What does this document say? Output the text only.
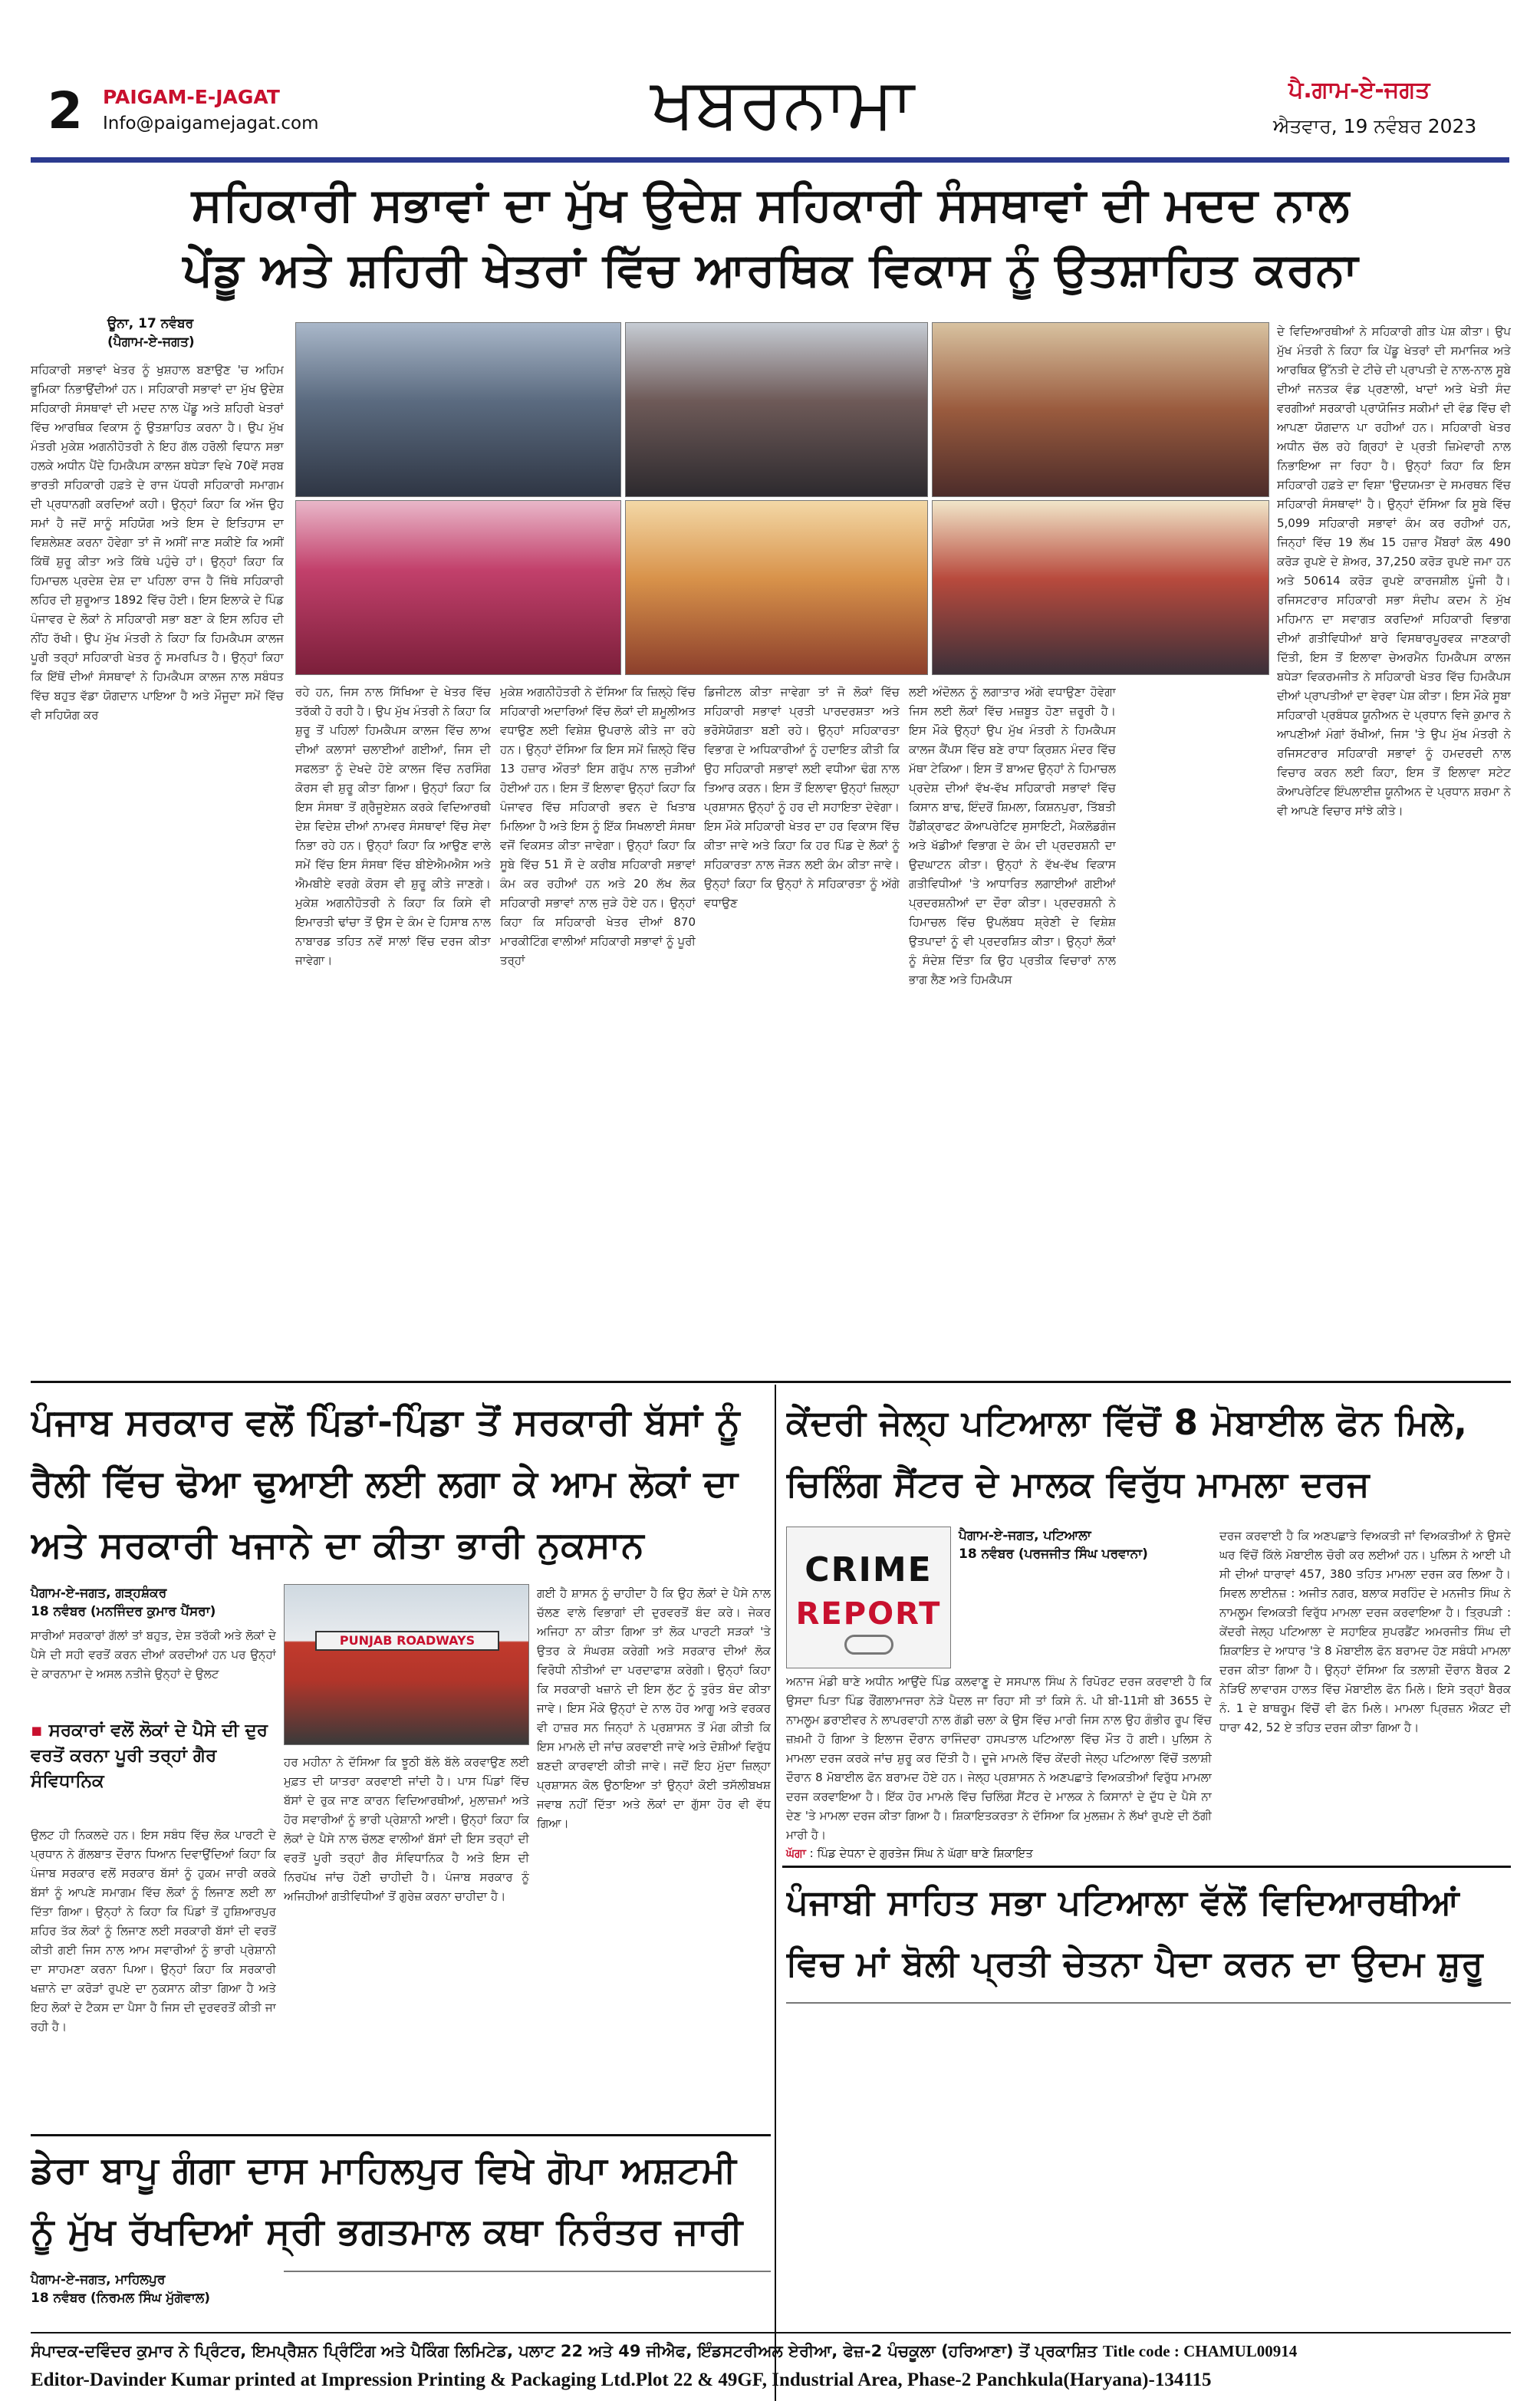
2 PAIGAM-E-JAGAT
Info@paigamejagat.com	ਖਬਰਨਾਮਾ	ਪੈ.ਗਾਮ-ਏ-ਜਗਤ
ਐਤਵਾਰ, 19 ਨਵੰਬਰ 2023
ਸਹਿਕਾਰੀ ਸਭਾਵਾਂ ਦਾ ਮੁੱਖ ਉਦੇਸ਼ ਸਹਿਕਾਰੀ ਸੰਸਥਾਵਾਂ ਦੀ ਮਦਦ ਨਾਲ
ਪੇਂਡੂ ਅਤੇ ਸ਼ਹਿਰੀ ਖੇਤਰਾਂ ਵਿੱਚ ਆਰਥਿਕ ਵਿਕਾਸ ਨੂੰ ਉਤਸ਼ਾਹਿਤ ਕਰਨਾ
ਊਨਾ, 17 ਨਵੰਬਰ
(ਪੈਗਾਮ-ਏ-ਜਗਤ)
ਸਹਿਕਾਰੀ ਸਭਾਵਾਂ ਖੇਤਰ ਨੂੰ ਖੁਸ਼ਹਾਲ ਬਣਾਉਣ 'ਚ ਅਹਿਮ ਭੂਮਿਕਾ ਨਿਭਾਉਂਦੀਆਂ ਹਨ। ਸਹਿਕਾਰੀ ਸਭਾਵਾਂ ਦਾ ਮੁੱਖ ਉਦੇਸ਼ ਸਹਿਕਾਰੀ ਸੰਸਥਾਵਾਂ ਦੀ ਮਦਦ ਨਾਲ ਪੇਂਡੂ ਅਤੇ ਸ਼ਹਿਰੀ ਖੇਤਰਾਂ ਵਿੱਚ ਆਰਥਿਕ ਵਿਕਾਸ ਨੂੰ ਉਤਸ਼ਾਹਿਤ ਕਰਨਾ ਹੈ। ਉਪ ਮੁੱਖ ਮੰਤਰੀ ਮੁਕੇਸ਼ ਅਗਨੀਹੋਤਰੀ ਨੇ ਇਹ ਗੱਲ ਹਰੋਲੀ ਵਿਧਾਨ ਸਭਾ ਹਲਕੇ ਅਧੀਨ ਪੈਂਦੇ ਹਿਮਕੈਪਸ ਕਾਲਜ ਬਧੇੜਾ ਵਿਖੇ 70ਵੇਂ ਸਰਬ ਭਾਰਤੀ ਸਹਿਕਾਰੀ ਹਫ਼ਤੇ ਦੇ ਰਾਜ ਪੱਧਰੀ ਸਹਿਕਾਰੀ ਸਮਾਗਮ ਦੀ ਪ੍ਰਧਾਨਗੀ ਕਰਦਿਆਂ ਕਹੀ। ਉਨ੍ਹਾਂ ਕਿਹਾ ਕਿ ਅੱਜ ਉਹ ਸਮਾਂ ਹੈ ਜਦੋਂ ਸਾਨੂੰ ਸਹਿਯੋਗ ਅਤੇ ਇਸ ਦੇ ਇਤਿਹਾਸ ਦਾ ਵਿਸ਼ਲੇਸ਼ਣ ਕਰਨਾ ਹੋਵੇਗਾ ਤਾਂ ਜੋ ਅਸੀਂ ਜਾਣ ਸਕੀਏ ਕਿ ਅਸੀਂ ਕਿੱਥੋਂ ਸ਼ੁਰੂ ਕੀਤਾ ਅਤੇ ਕਿੱਥੇ ਪਹੁੰਚੇ ਹਾਂ। ਉਨ੍ਹਾਂ ਕਿਹਾ ਕਿ ਹਿਮਾਚਲ ਪ੍ਰਦੇਸ਼ ਦੇਸ਼ ਦਾ ਪਹਿਲਾ ਰਾਜ ਹੈ ਜਿੱਥੇ ਸਹਿਕਾਰੀ ਲਹਿਰ ਦੀ ਸ਼ੁਰੂਆਤ 1892 ਵਿੱਚ ਹੋਈ। ਇਸ ਇਲਾਕੇ ਦੇ ਪਿੰਡ ਪੰਜਾਵਰ ਦੇ ਲੋਕਾਂ ਨੇ ਸਹਿਕਾਰੀ ਸਭਾ ਬਣਾ ਕੇ ਇਸ ਲਹਿਰ ਦੀ ਨੀਂਹ ਰੱਖੀ। ਉਪ ਮੁੱਖ ਮੰਤਰੀ ਨੇ ਕਿਹਾ ਕਿ ਹਿਮਕੈਪਸ ਕਾਲਜ ਪੂਰੀ ਤਰ੍ਹਾਂ ਸਹਿਕਾਰੀ ਖੇਤਰ ਨੂੰ ਸਮਰਪਿਤ ਹੈ। ਉਨ੍ਹਾਂ ਕਿਹਾ ਕਿ ਇੱਥੋਂ ਦੀਆਂ ਸੰਸਥਾਵਾਂ ਨੇ ਹਿਮਕੈਪਸ ਕਾਲਜ ਨਾਲ ਸਬੰਧਤ ਵਿੱਚ ਬਹੁਤ ਵੱਡਾ ਯੋਗਦਾਨ ਪਾਇਆ ਹੈ ਅਤੇ ਮੌਜੂਦਾ ਸਮੇਂ ਵਿੱਚ ਵੀ ਸਹਿਯੋਗ ਕਰ
ਰਹੇ ਹਨ, ਜਿਸ ਨਾਲ ਸਿੱਖਿਆ ਦੇ ਖੇਤਰ ਵਿੱਚ ਤਰੱਕੀ ਹੋ ਰਹੀ ਹੈ। ਉਪ ਮੁੱਖ ਮੰਤਰੀ ਨੇ ਕਿਹਾ ਕਿ ਸ਼ੁਰੂ ਤੋਂ ਪਹਿਲਾਂ ਹਿਮਕੈਪਸ ਕਾਲਜ ਵਿੱਚ ਲਾਅ ਦੀਆਂ ਕਲਾਸਾਂ ਚਲਾਈਆਂ ਗਈਆਂ, ਜਿਸ ਦੀ ਸਫਲਤਾ ਨੂੰ ਦੇਖਦੇ ਹੋਏ ਕਾਲਜ ਵਿੱਚ ਨਰਸਿੰਗ ਕੋਰਸ ਵੀ ਸ਼ੁਰੂ ਕੀਤਾ ਗਿਆ। ਉਨ੍ਹਾਂ ਕਿਹਾ ਕਿ ਇਸ ਸੰਸਥਾ ਤੋਂ ਗ੍ਰੈਜੂਏਸ਼ਨ ਕਰਕੇ ਵਿਦਿਆਰਥੀ ਦੇਸ਼ ਵਿਦੇਸ਼ ਦੀਆਂ ਨਾਮਵਰ ਸੰਸਥਾਵਾਂ ਵਿੱਚ ਸੇਵਾ ਨਿਭਾ ਰਹੇ ਹਨ। ਉਨ੍ਹਾਂ ਕਿਹਾ ਕਿ ਆਉਣ ਵਾਲੇ ਸਮੇਂ ਵਿੱਚ ਇਸ ਸੰਸਥਾ ਵਿੱਚ ਬੀਏਐਮਐਸ ਅਤੇ ਐਮਬੀਏ ਵਰਗੇ ਕੋਰਸ ਵੀ ਸ਼ੁਰੂ ਕੀਤੇ ਜਾਣਗੇ। ਮੁਕੇਸ਼ ਅਗਨੀਹੋਤਰੀ ਨੇ ਕਿਹਾ ਕਿ ਕਿਸੇ ਵੀ ਇਮਾਰਤੀ ਢਾਂਚਾ ਤੋਂ ਉਸ ਦੇ ਕੰਮ ਦੇ ਹਿਸਾਬ ਨਾਲ ਨਾਬਾਰਡ ਤਹਿਤ ਨਵੇਂ ਸਾਲਾਂ ਵਿੱਚ ਦਰਜ ਕੀਤਾ ਜਾਵੇਗਾ।
ਮੁਕੇਸ਼ ਅਗਨੀਹੋਤਰੀ ਨੇ ਦੱਸਿਆ ਕਿ ਜ਼ਿਲ੍ਹੇ ਵਿੱਚ ਸਹਿਕਾਰੀ ਅਦਾਰਿਆਂ ਵਿੱਚ ਲੋਕਾਂ ਦੀ ਸ਼ਮੂਲੀਅਤ ਵਧਾਉਣ ਲਈ ਵਿਸ਼ੇਸ਼ ਉਪਰਾਲੇ ਕੀਤੇ ਜਾ ਰਹੇ ਹਨ। ਉਨ੍ਹਾਂ ਦੱਸਿਆ ਕਿ ਇਸ ਸਮੇਂ ਜ਼ਿਲ੍ਹੇ ਵਿੱਚ 13 ਹਜ਼ਾਰ ਔਰਤਾਂ ਇਸ ਗਰੁੱਪ ਨਾਲ ਜੁੜੀਆਂ ਹੋਈਆਂ ਹਨ। ਇਸ ਤੋਂ ਇਲਾਵਾ ਉਨ੍ਹਾਂ ਕਿਹਾ ਕਿ ਪੰਜਾਵਰ ਵਿੱਚ ਸਹਿਕਾਰੀ ਭਵਨ ਦੇ ਖਿਤਾਬ ਮਿਲਿਆ ਹੈ ਅਤੇ ਇਸ ਨੂੰ ਇੱਕ ਸਿਖਲਾਈ ਸੰਸਥਾ ਵਜੋਂ ਵਿਕਸਤ ਕੀਤਾ ਜਾਵੇਗਾ। ਉਨ੍ਹਾਂ ਕਿਹਾ ਕਿ ਸੂਬੇ ਵਿੱਚ 51 ਸੌ ਦੇ ਕਰੀਬ ਸਹਿਕਾਰੀ ਸਭਾਵਾਂ ਕੰਮ ਕਰ ਰਹੀਆਂ ਹਨ ਅਤੇ 20 ਲੱਖ ਲੋਕ ਸਹਿਕਾਰੀ ਸਭਾਵਾਂ ਨਾਲ ਜੁੜੇ ਹੋਏ ਹਨ। ਉਨ੍ਹਾਂ ਕਿਹਾ ਕਿ ਸਹਿਕਾਰੀ ਖੇਤਰ ਦੀਆਂ 870 ਮਾਰਕੀਟਿੰਗ ਵਾਲੀਆਂ ਸਹਿਕਾਰੀ ਸਭਾਵਾਂ ਨੂੰ ਪੂਰੀ ਤਰ੍ਹਾਂ
ਡਿਜੀਟਲ ਕੀਤਾ ਜਾਵੇਗਾ ਤਾਂ ਜੋ ਲੋਕਾਂ ਵਿੱਚ ਸਹਿਕਾਰੀ ਸਭਾਵਾਂ ਪ੍ਰਤੀ ਪਾਰਦਰਸ਼ਤਾ ਅਤੇ ਭਰੋਸੇਯੋਗਤਾ ਬਣੀ ਰਹੇ। ਉਨ੍ਹਾਂ ਸਹਿਕਾਰਤਾ ਵਿਭਾਗ ਦੇ ਅਧਿਕਾਰੀਆਂ ਨੂੰ ਹਦਾਇਤ ਕੀਤੀ ਕਿ ਉਹ ਸਹਿਕਾਰੀ ਸਭਾਵਾਂ ਲਈ ਵਧੀਆ ਢੰਗ ਨਾਲ ਤਿਆਰ ਕਰਨ। ਇਸ ਤੋਂ ਇਲਾਵਾ ਉਨ੍ਹਾਂ ਜ਼ਿਲ੍ਹਾ ਪ੍ਰਸ਼ਾਸਨ ਉਨ੍ਹਾਂ ਨੂੰ ਹਰ ਦੀ ਸਹਾਇਤਾ ਦੇਵੇਗਾ। ਇਸ ਮੌਕੇ ਸਹਿਕਾਰੀ ਖੇਤਰ ਦਾ ਹਰ ਵਿਕਾਸ ਵਿੱਚ ਕੀਤਾ ਜਾਵੇ ਅਤੇ ਕਿਹਾ ਕਿ ਹਰ ਪਿੰਡ ਦੇ ਲੋਕਾਂ ਨੂੰ ਸਹਿਕਾਰਤਾ ਨਾਲ ਜੋੜਨ ਲਈ ਕੰਮ ਕੀਤਾ ਜਾਵੇ। ਉਨ੍ਹਾਂ ਕਿਹਾ ਕਿ ਉਨ੍ਹਾਂ ਨੇ ਸਹਿਕਾਰਤਾ ਨੂੰ ਅੱਗੇ ਵਧਾਉਣ
ਲਈ ਅੰਦੋਲਨ ਨੂੰ ਲਗਾਤਾਰ ਅੱਗੇ ਵਧਾਉਣਾ ਹੋਵੇਗਾ ਜਿਸ ਲਈ ਲੋਕਾਂ ਵਿੱਚ ਮਜ਼ਬੂਤ ਹੋਣਾ ਜ਼ਰੂਰੀ ਹੈ। ਇਸ ਮੌਕੇ ਉਨ੍ਹਾਂ ਉਪ ਮੁੱਖ ਮੰਤਰੀ ਨੇ ਹਿਮਕੈਪਸ ਕਾਲਜ ਕੈਂਪਸ ਵਿੱਚ ਬਣੇ ਰਾਧਾ ਕ੍ਰਿਸ਼ਨ ਮੰਦਰ ਵਿੱਚ ਮੱਥਾ ਟੇਕਿਆ। ਇਸ ਤੋਂ ਬਾਅਦ ਉਨ੍ਹਾਂ ਨੇ ਹਿਮਾਚਲ ਪ੍ਰਦੇਸ਼ ਦੀਆਂ ਵੱਖ-ਵੱਖ ਸਹਿਕਾਰੀ ਸਭਾਵਾਂ ਵਿੱਚ ਕਿਸਾਨ ਬਾਢ, ਇੰਦਰੋਂ ਸ਼ਿਮਲਾ, ਕਿਸ਼ਨਪੁਰਾ, ਤਿੱਬਤੀ ਹੈਂਡੀਕ੍ਰਾਫਟ ਕੋਆਪਰੇਟਿਵ ਸੁਸਾਇਟੀ, ਮੈਕਲੋਡਗੰਜ ਅਤੇ ਖੱਡੀਆਂ ਵਿਭਾਗ ਦੇ ਕੰਮ ਦੀ ਪ੍ਰਦਰਸ਼ਨੀ ਦਾ ਉਦਘਾਟਨ ਕੀਤਾ। ਉਨ੍ਹਾਂ ਨੇ ਵੱਖ-ਵੱਖ ਵਿਕਾਸ ਗਤੀਵਿਧੀਆਂ 'ਤੇ ਆਧਾਰਿਤ ਲਗਾਈਆਂ ਗਈਆਂ ਪ੍ਰਦਰਸ਼ਨੀਆਂ ਦਾ ਦੌਰਾ ਕੀਤਾ। ਪ੍ਰਦਰਸ਼ਨੀ ਨੇ ਹਿਮਾਚਲ ਵਿੱਚ ਉਪਲੱਬਧ ਸ਼੍ਰੇਣੀ ਦੇ ਵਿਸ਼ੇਸ਼ ਉਤਪਾਦਾਂ ਨੂੰ ਵੀ ਪ੍ਰਦਰਸ਼ਿਤ ਕੀਤਾ। ਉਨ੍ਹਾਂ ਲੋਕਾਂ ਨੂੰ ਸੰਦੇਸ਼ ਦਿੱਤਾ ਕਿ ਉਹ ਪ੍ਰਤੀਕ ਵਿਚਾਰਾਂ ਨਾਲ ਭਾਗ ਲੈਣ ਅਤੇ ਹਿਮਕੈਪਸ
ਦੇ ਵਿਦਿਆਰਥੀਆਂ ਨੇ ਸਹਿਕਾਰੀ ਗੀਤ ਪੇਸ਼ ਕੀਤਾ। ਉਪ ਮੁੱਖ ਮੰਤਰੀ ਨੇ ਕਿਹਾ ਕਿ ਪੇਂਡੂ ਖੇਤਰਾਂ ਦੀ ਸਮਾਜਿਕ ਅਤੇ ਆਰਥਿਕ ਉੱਨਤੀ ਦੇ ਟੀਚੇ ਦੀ ਪ੍ਰਾਪਤੀ ਦੇ ਨਾਲ-ਨਾਲ ਸੂਬੇ ਦੀਆਂ ਜਨਤਕ ਵੰਡ ਪ੍ਰਣਾਲੀ, ਖਾਦਾਂ ਅਤੇ ਖੇਤੀ ਸੰਦ ਵਰਗੀਆਂ ਸਰਕਾਰੀ ਪ੍ਰਾਯੋਜਿਤ ਸਕੀਮਾਂ ਦੀ ਵੰਡ ਵਿੱਚ ਵੀ ਆਪਣਾ ਯੋਗਦਾਨ ਪਾ ਰਹੀਆਂ ਹਨ। ਸਹਿਕਾਰੀ ਖੇਤਰ ਅਧੀਨ ਚੱਲ ਰਹੇ ਗ੍ਰਿਹਾਂ ਦੇ ਪ੍ਰਤੀ ਜ਼ਿਮੇਵਾਰੀ ਨਾਲ ਨਿਭਾਇਆ ਜਾ ਰਿਹਾ ਹੈ। ਉਨ੍ਹਾਂ ਕਿਹਾ ਕਿ ਇਸ ਸਹਿਕਾਰੀ ਹਫ਼ਤੇ ਦਾ ਵਿਸ਼ਾ 'ਉਦਯਮਤਾ ਦੇ ਸਮਰਥਨ ਵਿੱਚ ਸਹਿਕਾਰੀ ਸੰਸਥਾਵਾਂ' ਹੈ। ਉਨ੍ਹਾਂ ਦੱਸਿਆ ਕਿ ਸੂਬੇ ਵਿੱਚ 5,099 ਸਹਿਕਾਰੀ ਸਭਾਵਾਂ ਕੰਮ ਕਰ ਰਹੀਆਂ ਹਨ, ਜਿਨ੍ਹਾਂ ਵਿੱਚ 19 ਲੱਖ 15 ਹਜ਼ਾਰ ਮੈਂਬਰਾਂ ਕੋਲ 490 ਕਰੋੜ ਰੁਪਏ ਦੇ ਸ਼ੇਅਰ, 37,250 ਕਰੋੜ ਰੁਪਏ ਜਮਾ ਹਨ ਅਤੇ 50614 ਕਰੋੜ ਰੁਪਏ ਕਾਰਜਸ਼ੀਲ ਪੂੰਜੀ ਹੈ। ਰਜਿਸਟਰਾਰ ਸਹਿਕਾਰੀ ਸਭਾ ਸੰਦੀਪ ਕਦਮ ਨੇ ਮੁੱਖ ਮਹਿਮਾਨ ਦਾ ਸਵਾਗਤ ਕਰਦਿਆਂ ਸਹਿਕਾਰੀ ਵਿਭਾਗ ਦੀਆਂ ਗਤੀਵਿਧੀਆਂ ਬਾਰੇ ਵਿਸਥਾਰਪੂਰਵਕ ਜਾਣਕਾਰੀ ਦਿੱਤੀ, ਇਸ ਤੋਂ ਇਲਾਵਾ ਚੇਅਰਮੈਨ ਹਿਮਕੈਪਸ ਕਾਲਜ ਬਧੇੜਾ ਵਿਕਰਮਜੀਤ ਨੇ ਸਹਿਕਾਰੀ ਖੇਤਰ ਵਿੱਚ ਹਿਮਕੈਪਸ ਦੀਆਂ ਪ੍ਰਾਪਤੀਆਂ ਦਾ ਵੇਰਵਾ ਪੇਸ਼ ਕੀਤਾ। ਇਸ ਮੌਕੇ ਸੂਬਾ ਸਹਿਕਾਰੀ ਪ੍ਰਬੰਧਕ ਯੂਨੀਅਨ ਦੇ ਪ੍ਰਧਾਨ ਵਿਜੇ ਕੁਮਾਰ ਨੇ ਆਪਣੀਆਂ ਮੰਗਾਂ ਰੱਖੀਆਂ, ਜਿਸ 'ਤੇ ਉਪ ਮੁੱਖ ਮੰਤਰੀ ਨੇ ਰਜਿਸਟਰਾਰ ਸਹਿਕਾਰੀ ਸਭਾਵਾਂ ਨੂੰ ਹਮਦਰਦੀ ਨਾਲ ਵਿਚਾਰ ਕਰਨ ਲਈ ਕਿਹਾ, ਇਸ ਤੋਂ ਇਲਾਵਾ ਸਟੇਟ ਕੋਆਪਰੇਟਿਵ ਇੰਪਲਾਈਜ਼ ਯੂਨੀਅਨ ਦੇ ਪ੍ਰਧਾਨ ਸ਼ਰਮਾ ਨੇ ਵੀ ਆਪਣੇ ਵਿਚਾਰ ਸਾਂਝੇ ਕੀਤੇ।
ਪੰਜਾਬ ਸਰਕਾਰ ਵਲੋਂ ਪਿੰਡਾਂ-ਪਿੰਡਾ ਤੋਂ ਸਰਕਾਰੀ ਬੱਸਾਂ ਨੂੰ ਰੈਲੀ ਵਿੱਚ ਢੋਆ ਢੁਆਈ ਲਈ ਲਗਾ ਕੇ ਆਮ ਲੋਕਾਂ ਦਾ ਅਤੇ ਸਰਕਾਰੀ ਖਜਾਨੇ ਦਾ ਕੀਤਾ ਭਾਰੀ ਨੁਕਸਾਨ
ਪੈਗਾਮ-ਏ-ਜਗਤ, ਗੜ੍ਹਸ਼ੰਕਰ
18 ਨਵੰਬਰ (ਮਨਜਿੰਦਰ ਕੁਮਾਰ ਪੈਂਸਰਾ)
ਸਾਰੀਆਂ ਸਰਕਾਰਾਂ ਗੱਲਾਂ ਤਾਂ ਬਹੁਤ, ਦੇਸ਼ ਤਰੱਕੀ ਅਤੇ ਲੋਕਾਂ ਦੇ ਪੈਸੇ ਦੀ ਸਹੀ ਵਰਤੋਂ ਕਰਨ ਦੀਆਂ ਕਰਦੀਆਂ ਹਨ ਪਰ ਉਨ੍ਹਾਂ ਦੇ ਕਾਰਨਾਮਾ ਦੇ ਅਸਲ ਨਤੀਜੇ ਉਨ੍ਹਾਂ ਦੇ ਉਲਟ
▪ ਸਰਕਾਰਾਂ ਵਲੋਂ ਲੋਕਾਂ ਦੇ ਪੈਸੇ ਦੀ ਦੁਰ ਵਰਤੋਂ ਕਰਨਾ ਪੂਰੀ ਤਰ੍ਹਾਂ ਗੈਰ ਸੰਵਿਧਾਨਿਕ
PUNJAB ROADWAYS
ਉਲਟ ਹੀ ਨਿਕਲਦੇ ਹਨ। ਇਸ ਸਬੰਧ ਵਿੱਚ ਲੋਕ ਪਾਰਟੀ ਦੇ ਪ੍ਰਧਾਨ ਨੇ ਗੱਲਬਾਤ ਦੌਰਾਨ ਧਿਆਨ ਦਿਵਾਉਂਦਿਆਂ ਕਿਹਾ ਕਿ ਪੰਜਾਬ ਸਰਕਾਰ ਵਲੋਂ ਸਰਕਾਰ ਬੱਸਾਂ ਨੂੰ ਹੁਕਮ ਜਾਰੀ ਕਰਕੇ ਬੱਸਾਂ ਨੂੰ ਆਪਣੇ ਸਮਾਗਮ ਵਿੱਚ ਲੋਕਾਂ ਨੂੰ ਲਿਜਾਣ ਲਈ ਲਾ ਦਿੱਤਾ ਗਿਆ। ਉਨ੍ਹਾਂ ਨੇ ਕਿਹਾ ਕਿ ਪਿੰਡਾਂ ਤੋਂ ਹੁਸ਼ਿਆਰਪੁਰ ਸ਼ਹਿਰ ਤੱਕ ਲੋਕਾਂ ਨੂੰ ਲਿਜਾਣ ਲਈ ਸਰਕਾਰੀ ਬੱਸਾਂ ਦੀ ਵਰਤੋਂ ਕੀਤੀ ਗਈ ਜਿਸ ਨਾਲ ਆਮ ਸਵਾਰੀਆਂ ਨੂੰ ਭਾਰੀ ਪ੍ਰੇਸ਼ਾਨੀ ਦਾ ਸਾਹਮਣਾ ਕਰਨਾ ਪਿਆ। ਉਨ੍ਹਾਂ ਕਿਹਾ ਕਿ ਸਰਕਾਰੀ ਖਜ਼ਾਨੇ ਦਾ ਕਰੋੜਾਂ ਰੁਪਏ ਦਾ ਨੁਕਸਾਨ ਕੀਤਾ ਗਿਆ ਹੈ ਅਤੇ ਇਹ ਲੋਕਾਂ ਦੇ ਟੈਕਸ ਦਾ ਪੈਸਾ ਹੈ ਜਿਸ ਦੀ ਦੁਰਵਰਤੋਂ ਕੀਤੀ ਜਾ ਰਹੀ ਹੈ।
ਹਰ ਮਹੀਨਾ ਨੇ ਦੱਸਿਆ ਕਿ ਝੂਠੀ ਬੱਲੇ ਬੱਲੇ ਕਰਵਾਉਣ ਲਈ ਮੁਫ਼ਤ ਦੀ ਯਾਤਰਾ ਕਰਵਾਈ ਜਾਂਦੀ ਹੈ। ਪਾਸ ਪਿੰਡਾਂ ਵਿੱਚ ਬੱਸਾਂ ਦੇ ਰੁਕ ਜਾਣ ਕਾਰਨ ਵਿਦਿਆਰਥੀਆਂ, ਮੁਲਾਜ਼ਮਾਂ ਅਤੇ ਹੋਰ ਸਵਾਰੀਆਂ ਨੂੰ ਭਾਰੀ ਪ੍ਰੇਸ਼ਾਨੀ ਆਈ। ਉਨ੍ਹਾਂ ਕਿਹਾ ਕਿ ਲੋਕਾਂ ਦੇ ਪੈਸੇ ਨਾਲ ਚੱਲਣ ਵਾਲੀਆਂ ਬੱਸਾਂ ਦੀ ਇਸ ਤਰ੍ਹਾਂ ਦੀ ਵਰਤੋਂ ਪੂਰੀ ਤਰ੍ਹਾਂ ਗੈਰ ਸੰਵਿਧਾਨਿਕ ਹੈ ਅਤੇ ਇਸ ਦੀ ਨਿਰਪੱਖ ਜਾਂਚ ਹੋਣੀ ਚਾਹੀਦੀ ਹੈ। ਪੰਜਾਬ ਸਰਕਾਰ ਨੂੰ ਅਜਿਹੀਆਂ ਗਤੀਵਿਧੀਆਂ ਤੋਂ ਗੁਰੇਜ਼ ਕਰਨਾ ਚਾਹੀਦਾ ਹੈ।
ਗਈ ਹੈ ਸ਼ਾਸਨ ਨੂੰ ਚਾਹੀਦਾ ਹੈ ਕਿ ਉਹ ਲੋਕਾਂ ਦੇ ਪੈਸੇ ਨਾਲ ਚੱਲਣ ਵਾਲੇ ਵਿਭਾਗਾਂ ਦੀ ਦੁਰਵਰਤੋਂ ਬੰਦ ਕਰੇ। ਜੇਕਰ ਅਜਿਹਾ ਨਾ ਕੀਤਾ ਗਿਆ ਤਾਂ ਲੋਕ ਪਾਰਟੀ ਸੜਕਾਂ 'ਤੇ ਉਤਰ ਕੇ ਸੰਘਰਸ਼ ਕਰੇਗੀ ਅਤੇ ਸਰਕਾਰ ਦੀਆਂ ਲੋਕ ਵਿਰੋਧੀ ਨੀਤੀਆਂ ਦਾ ਪਰਦਾਫਾਸ਼ ਕਰੇਗੀ। ਉਨ੍ਹਾਂ ਕਿਹਾ ਕਿ ਸਰਕਾਰੀ ਖਜ਼ਾਨੇ ਦੀ ਇਸ ਲੁੱਟ ਨੂੰ ਤੁਰੰਤ ਬੰਦ ਕੀਤਾ ਜਾਵੇ। ਇਸ ਮੌਕੇ ਉਨ੍ਹਾਂ ਦੇ ਨਾਲ ਹੋਰ ਆਗੂ ਅਤੇ ਵਰਕਰ ਵੀ ਹਾਜ਼ਰ ਸਨ ਜਿਨ੍ਹਾਂ ਨੇ ਪ੍ਰਸ਼ਾਸਨ ਤੋਂ ਮੰਗ ਕੀਤੀ ਕਿ ਇਸ ਮਾਮਲੇ ਦੀ ਜਾਂਚ ਕਰਵਾਈ ਜਾਵੇ ਅਤੇ ਦੋਸ਼ੀਆਂ ਵਿਰੁੱਧ ਬਣਦੀ ਕਾਰਵਾਈ ਕੀਤੀ ਜਾਵੇ। ਜਦੋਂ ਇਹ ਮੁੱਦਾ ਜ਼ਿਲ੍ਹਾ ਪ੍ਰਸ਼ਾਸਨ ਕੋਲ ਉਠਾਇਆ ਤਾਂ ਉਨ੍ਹਾਂ ਕੋਈ ਤਸੱਲੀਬਖਸ਼ ਜਵਾਬ ਨਹੀਂ ਦਿੱਤਾ ਅਤੇ ਲੋਕਾਂ ਦਾ ਗੁੱਸਾ ਹੋਰ ਵੀ ਵੱਧ ਗਿਆ।
ਡੇਰਾ ਬਾਪੂ ਗੰਗਾ ਦਾਸ ਮਾਹਿਲਪੁਰ ਵਿਖੇ ਗੋਪਾ ਅਸ਼ਟਮੀ ਨੂੰ ਮੁੱਖ ਰੱਖਦਿਆਂ ਸ੍ਰੀ ਭਗਤਮਾਲ ਕਥਾ ਨਿਰੰਤਰ ਜਾਰੀ
ਪੈਗਾਮ-ਏ-ਜਗਤ, ਮਾਹਿਲਪੁਰ
18 ਨਵੰਬਰ (ਨਿਰਮਲ ਸਿੰਘ ਮੁੱਗੋਵਾਲ)
ਕੇਂਦਰੀ ਜੇਲ੍ਹ ਪਟਿਆਲਾ ਵਿੱਚੋਂ 8 ਮੋਬਾਈਲ ਫੋਨ ਮਿਲੇ, ਚਿਲਿੰਗ ਸੈਂਟਰ ਦੇ ਮਾਲਕ ਵਿਰੁੱਧ ਮਾਮਲਾ ਦਰਜ
CRIME
REPORT
ਪੈਗਾਮ-ਏ-ਜਗਤ, ਪਟਿਆਲਾ
18 ਨਵੰਬਰ (ਪਰਜਜੀਤ ਸਿੰਘ ਪਰਵਾਨਾ)
ਅਨਾਜ ਮੰਡੀ ਥਾਣੇ ਅਧੀਨ ਆਉਂਦੇ ਪਿੰਡ ਕਲਵਾਣੂ ਦੇ ਸਸਪਾਲ ਸਿੰਘ ਨੇ ਰਿਪੋਰਟ ਦਰਜ ਕਰਵਾਈ ਹੈ ਕਿ ਉਸਦਾ ਪਿਤਾ ਪਿੰਡ ਰੌਂਗਲਾਮਾਜਰਾ ਨੇੜੇ ਪੈਦਲ ਜਾ ਰਿਹਾ ਸੀ ਤਾਂ ਕਿਸੇ ਨੰ. ਪੀ ਬੀ-11ਸੀ ਬੀ 3655 ਦੇ ਨਾਮਲੂਮ ਡਰਾਈਵਰ ਨੇ ਲਾਪਰਵਾਹੀ ਨਾਲ ਗੱਡੀ ਚਲਾ ਕੇ ਉਸ ਵਿੱਚ ਮਾਰੀ ਜਿਸ ਨਾਲ ਉਹ ਗੰਭੀਰ ਰੂਪ ਵਿੱਚ ਜ਼ਖ਼ਮੀ ਹੋ ਗਿਆ ਤੇ ਇਲਾਜ ਦੌਰਾਨ ਰਾਜਿੰਦਰਾ ਹਸਪਤਾਲ ਪਟਿਆਲਾ ਵਿੱਚ ਮੌਤ ਹੋ ਗਈ। ਪੁਲਿਸ ਨੇ ਮਾਮਲਾ ਦਰਜ ਕਰਕੇ ਜਾਂਚ ਸ਼ੁਰੂ ਕਰ ਦਿੱਤੀ ਹੈ। ਦੂਜੇ ਮਾਮਲੇ ਵਿੱਚ ਕੇਂਦਰੀ ਜੇਲ੍ਹ ਪਟਿਆਲਾ ਵਿੱਚੋਂ ਤਲਾਸ਼ੀ ਦੌਰਾਨ 8 ਮੋਬਾਈਲ ਫੋਨ ਬਰਾਮਦ ਹੋਏ ਹਨ। ਜੇਲ੍ਹ ਪ੍ਰਸ਼ਾਸਨ ਨੇ ਅਣਪਛਾਤੇ ਵਿਅਕਤੀਆਂ ਵਿਰੁੱਧ ਮਾਮਲਾ ਦਰਜ ਕਰਵਾਇਆ ਹੈ। ਇੱਕ ਹੋਰ ਮਾਮਲੇ ਵਿੱਚ ਚਿਲਿੰਗ ਸੈਂਟਰ ਦੇ ਮਾਲਕ ਨੇ ਕਿਸਾਨਾਂ ਦੇ ਦੁੱਧ ਦੇ ਪੈਸੇ ਨਾ ਦੇਣ 'ਤੇ ਮਾਮਲਾ ਦਰਜ ਕੀਤਾ ਗਿਆ ਹੈ। ਸ਼ਿਕਾਇਤਕਰਤਾ ਨੇ ਦੱਸਿਆ ਕਿ ਮੁਲਜ਼ਮ ਨੇ ਲੱਖਾਂ ਰੁਪਏ ਦੀ ਠੱਗੀ ਮਾਰੀ ਹੈ।
ਦਰਜ ਕਰਵਾਈ ਹੈ ਕਿ ਅਣਪਛਾਤੇ ਵਿਅਕਤੀ ਜਾਂ ਵਿਅਕਤੀਆਂ ਨੇ ਉਸਦੇ ਘਰ ਵਿੱਚੋਂ ਕਿੱਲੇ ਮੋਬਾਈਲ ਚੋਰੀ ਕਰ ਲਈਆਂ ਹਨ। ਪੁਲਿਸ ਨੇ ਆਈ ਪੀ ਸੀ ਦੀਆਂ ਧਾਰਾਵਾਂ 457, 380 ਤਹਿਤ ਮਾਮਲਾ ਦਰਜ ਕਰ ਲਿਆ ਹੈ। ਸਿਵਲ ਲਾਈਨਜ਼ : ਅਜੀਤ ਨਗਰ, ਬਲਾਕ ਸਰਹਿੰਦ ਦੇ ਮਨਜੀਤ ਸਿੰਘ ਨੇ ਨਾਮਲੂਮ ਵਿਅਕਤੀ ਵਿਰੁੱਧ ਮਾਮਲਾ ਦਰਜ ਕਰਵਾਇਆ ਹੈ। ਤ੍ਰਿਪੜੀ : ਕੇਂਦਰੀ ਜੇਲ੍ਹ ਪਟਿਆਲਾ ਦੇ ਸਹਾਇਕ ਸੁਪਰਡੈਂਟ ਅਮਰਜੀਤ ਸਿੰਘ ਦੀ ਸ਼ਿਕਾਇਤ ਦੇ ਆਧਾਰ 'ਤੇ 8 ਮੋਬਾਈਲ ਫੋਨ ਬਰਾਮਦ ਹੋਣ ਸਬੰਧੀ ਮਾਮਲਾ ਦਰਜ ਕੀਤਾ ਗਿਆ ਹੈ। ਉਨ੍ਹਾਂ ਦੱਸਿਆ ਕਿ ਤਲਾਸ਼ੀ ਦੌਰਾਨ ਬੈਰਕ 2 ਨੇੜਿਓਂ ਲਾਵਾਰਸ ਹਾਲਤ ਵਿੱਚ ਮੋਬਾਈਲ ਫੋਨ ਮਿਲੇ। ਇਸੇ ਤਰ੍ਹਾਂ ਬੈਰਕ ਨੰ. 1 ਦੇ ਬਾਥਰੂਮ ਵਿੱਚੋਂ ਵੀ ਫੋਨ ਮਿਲੇ। ਮਾਮਲਾ ਪ੍ਰਿਜ਼ਨ ਐਕਟ ਦੀ ਧਾਰਾ 42, 52 ਏ ਤਹਿਤ ਦਰਜ ਕੀਤਾ ਗਿਆ ਹੈ।
ਘੱਗਾ : ਪਿੰਡ ਦੇਧਨਾ ਦੇ ਗੁਰਤੇਜ ਸਿੰਘ ਨੇ ਘੱਗਾ ਥਾਣੇ ਸ਼ਿਕਾਇਤ
ਪੰਜਾਬੀ ਸਾਹਿਤ ਸਭਾ ਪਟਿਆਲਾ ਵੱਲੋਂ ਵਿਦਿਆਰਥੀਆਂ ਵਿਚ ਮਾਂ ਬੋਲੀ ਪ੍ਰਤੀ ਚੇਤਨਾ ਪੈਦਾ ਕਰਨ ਦਾ ਉਦਮ ਸ਼ੁਰੂ
ਸੰਪਾਦਕ-ਦਵਿੰਦਰ ਕੁਮਾਰ ਨੇ ਪ੍ਰਿੰਟਰ, ਇਮਪ੍ਰੈਸ਼ਨ ਪ੍ਰਿੰਟਿੰਗ ਅਤੇ ਪੈਕਿੰਗ ਲਿਮਿਟੇਡ, ਪਲਾਟ 22 ਅਤੇ 49 ਜੀਐਫ, ਇੰਡਸਟਰੀਅਲ ਏਰੀਆ, ਫੇਜ਼-2 ਪੰਚਕੂਲਾ (ਹਰਿਆਣਾ) ਤੋਂ ਪ੍ਰਕਾਸ਼ਿਤ Title code : CHAMUL00914
Editor-Davinder Kumar printed at Impression Printing & Packaging Ltd.Plot 22 & 49GF, Industrial Area, Phase-2 Panchkula(Haryana)-134115
